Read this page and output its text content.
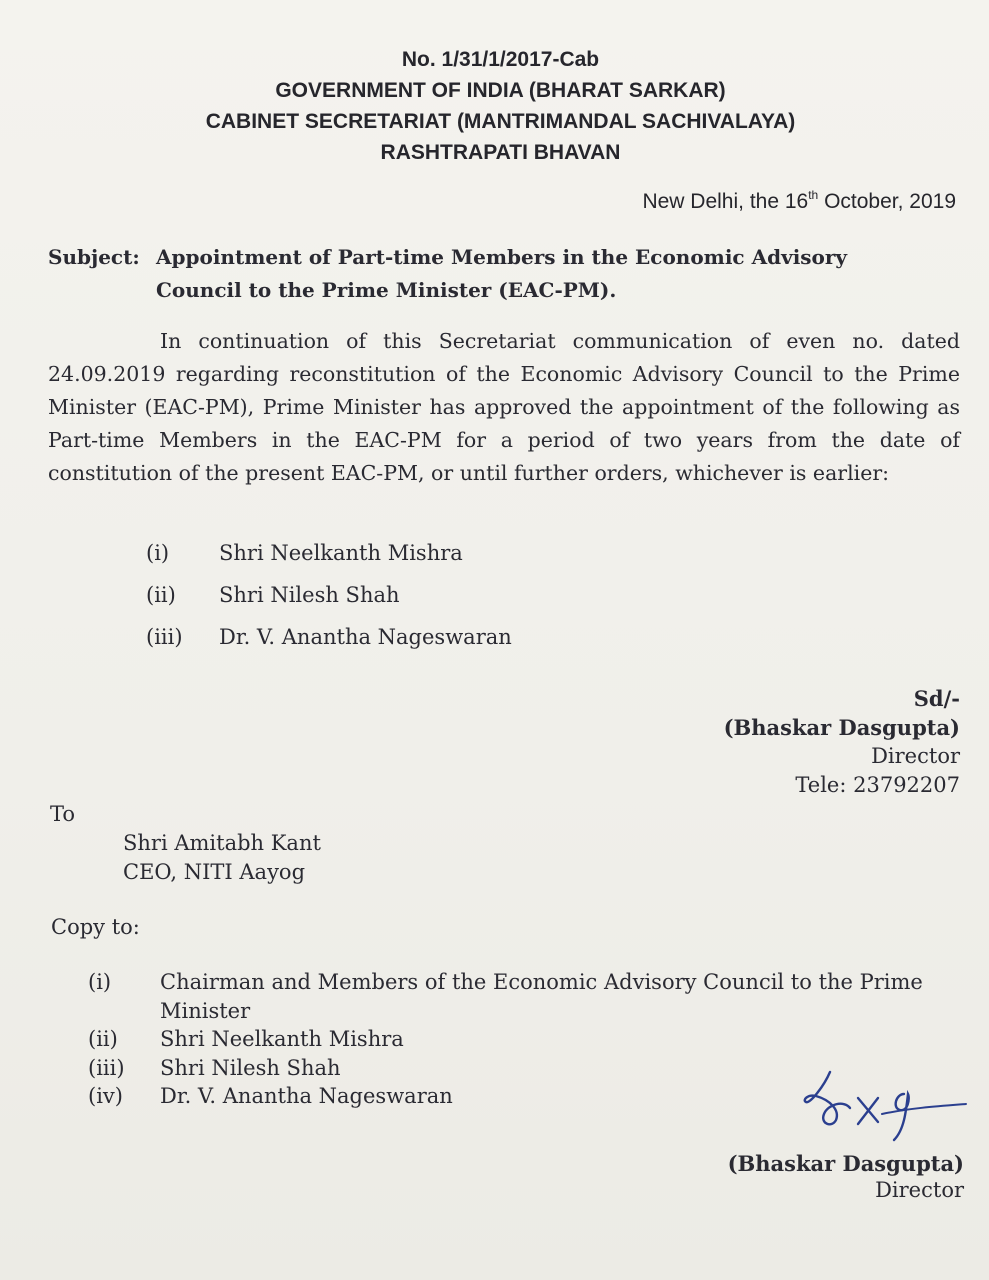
No. 1/31/1/2017-Cab
GOVERNMENT OF INDIA (BHARAT SARKAR)
CABINET SECRETARIAT (MANTRIMANDAL SACHIVALAYA)
RASHTRAPATI BHAVAN
New Delhi, the 16th October, 2019
Subject: Appointment of Part-time Members in the Economic Advisory
Council to the Prime Minister (EAC-PM).
In continuation of this Secretariat communication of even no. dated 24.09.2019 regarding reconstitution of the Economic Advisory Council to the Prime Minister (EAC-PM), Prime Minister has approved the appointment of the following as Part-time Members in the EAC-PM for a period of two years from the date of constitution of the present EAC-PM, or until further orders, whichever is earlier:
(i) Shri Neelkanth Mishra
(ii) Shri Nilesh Shah
(iii) Dr. V. Anantha Nageswaran
Sd/-
(Bhaskar Dasgupta)
Director
Tele: 23792207
To
Shri Amitabh Kant
CEO, NITI Aayog
Copy to:
(i)	Chairman and Members of the Economic Advisory Council to the Prime Minister
(ii)	Shri Neelkanth Mishra
(iii)	Shri Nilesh Shah
(iv)	Dr. V. Anantha Nageswaran
(Bhaskar Dasgupta)
Director
